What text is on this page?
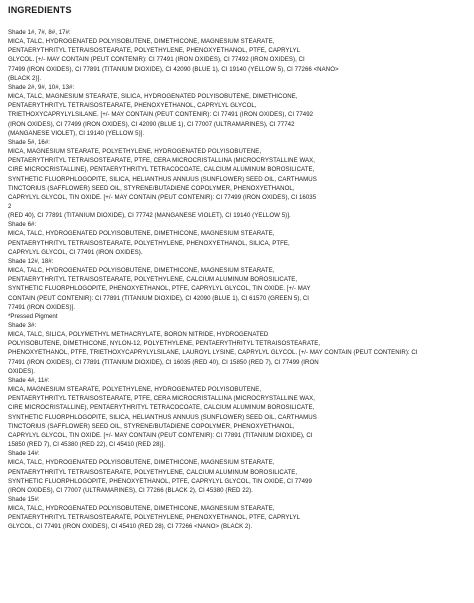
INGREDIENTS
Shade 1#, 7#, 8#, 17#:
MICA, TALC, HYDROGENATED POLYISOBUTENE, DIMETHICONE, MAGNESIUM STEARATE,
PENTAERYTHRITYL TETRAISOSTEARATE, POLYETHYLENE, PHENOXYETHANOL, PTFE, CAPRYLYL
GLYCOL. [+/- MAY CONTAIN (PEUT CONTENIR): CI 77491 (IRON OXIDES), CI 77492 (IRON OXIDES), CI
77499 (IRON OXIDES), CI 77891 (TITANIUM DIOXIDE), CI 42090 (BLUE 1), CI 19140 (YELLOW 5), CI 77266 <NANO>
(BLACK 2)].
Shade 2#, 9#, 10#, 13#:
MICA, TALC, MAGNESIUM STEARATE, SILICA, HYDROGENATED POLYISOBUTENE, DIMETHICONE,
PENTAERYTHRITYL TETRAISOSTEARATE, PHENOXYETHANOL, CAPRYLYL GLYCOL,
TRIETHOXYCAPRYLYLSILANE. [+/- MAY CONTAIN (PEUT CONTENIR): CI 77491 (IRON OXIDES), CI 77492
(IRON OXIDES), CI 77499 (IRON OXIDES), CI 42090 (BLUE 1), CI 77007 (ULTRAMARINES), CI 77742
(MANGANESE VIOLET), CI 19140 (YELLOW 5)].
Shade 5#, 16#:
MICA, MAGNESIUM STEARATE, POLYETHYLENE, HYDROGENATED POLYISOBUTENE,
PENTAERYTHRITYL TETRAISOSTEARATE, PTFE, CERA MICROCRISTALLINA (MICROCRYSTALLINE WAX,
CIRE MICROCRISTALLINE), PENTAERYTHRITYL TETRACOCOATE, CALCIUM ALUMINUM BOROSILICATE,
SYNTHETIC FLUORPHLOGOPITE, SILICA, HELIANTHUS ANNUUS (SUNFLOWER) SEED OIL, CARTHAMUS
TINCTORIUS (SAFFLOWER) SEED OIL, STYRENE/BUTADIENE COPOLYMER, PHENOXYETHANOL,
CAPRYLYL GLYCOL, TIN OXIDE. [+/- MAY CONTAIN (PEUT CONTENIR): CI 77499 (IRON OXIDES), CI 16035
2
(RED 40), CI 77891 (TITANIUM DIOXIDE), CI 77742 (MANGANESE VIOLET), CI 19140 (YELLOW 5)].
Shade 6#:
MICA, TALC, HYDROGENATED POLYISOBUTENE, DIMETHICONE, MAGNESIUM STEARATE,
PENTAERYTHRITYL TETRAISOSTEARATE, POLYETHYLENE, PHENOXYETHANOL, SILICA, PTFE,
CAPRYLYL GLYCOL, CI 77491 (IRON OXIDES).
Shade 12#, 18#:
MICA, TALC, HYDROGENATED POLYISOBUTENE, DIMETHICONE, MAGNESIUM STEARATE,
PENTAERYTHRITYL TETRAISOSTEARATE, POLYETHYLENE, CALCIUM ALUMINUM BOROSILICATE,
SYNTHETIC FLUORPHLOGOPITE, PHENOXYETHANOL, PTFE, CAPRYLYL GLYCOL, TIN OXIDE. [+/- MAY
CONTAIN (PEUT CONTENIR): CI 77891 (TITANIUM DIOXIDE), CI 42090 (BLUE 1), CI 61570 (GREEN 5), CI
77491 (IRON OXIDES)].
*Pressed Pigment
Shade 3#:
MICA, TALC, SILICA, POLYMETHYL METHACRYLATE, BORON NITRIDE, HYDROGENATED
POLYISOBUTENE, DIMETHICONE, NYLON-12, POLYETHYLENE, PENTAERYTHRITYL TETRAISOSTEARATE,
PHENOXYETHANOL, PTFE, TRIETHOXYCAPRYLYLSILANE, LAUROYL LYSINE, CAPRYLYL GLYCOL. [+/- MAY CONTAIN (PEUT CONTENIR): CI
77491 (IRON OXIDES), CI 77891 (TITANIUM DIOXIDE), CI 16035 (RED 40), CI 15850 (RED 7), CI 77499 (IRON
OXIDES).
Shade 4#, 11#:
MICA, MAGNESIUM STEARATE, POLYETHYLENE, HYDROGENATED POLYISOBUTENE,
PENTAERYTHRITYL TETRAISOSTEARATE, PTFE, CERA MICROCRISTALLINA (MICROCRYSTALLINE WAX,
CIRE MICROCRISTALLINE), PENTAERYTHRITYL TETRACOCOATE, CALCIUM ALUMINUM BOROSILICATE,
SYNTHETIC FLUORPHLOGOPITE, SILICA, HELIANTHUS ANNUUS (SUNFLOWER) SEED OIL, CARTHAMUS
TINCTORIUS (SAFFLOWER) SEED OIL, STYRENE/BUTADIENE COPOLYMER, PHENOXYETHANOL,
CAPRYLYL GLYCOL, TIN OXIDE. [+/- MAY CONTAIN (PEUT CONTENIR): CI 77891 (TITANIUM DIOXIDE), CI
15850 (RED 7), CI 45380 (RED 22), CI 45410 (RED 28)].
Shade 14#:
MICA, TALC, HYDROGENATED POLYISOBUTENE, DIMETHICONE, MAGNESIUM STEARATE,
PENTAERYTHRITYL TETRAISOSTEARATE, POLYETHYLENE, CALCIUM ALUMINUM BOROSILICATE,
SYNTHETIC FLUORPHLOGOPITE, PHENOXYETHANOL, PTFE, CAPRYLYL GLYCOL, TIN OXIDE, CI 77499
(IRON OXIDES), CI 77007 (ULTRAMARINES), CI 77266 (BLACK 2), CI 45380 (RED 22).
Shade 15#:
MICA, TALC, HYDROGENATED POLYISOBUTENE, DIMETHICONE, MAGNESIUM STEARATE,
PENTAERYTHRITYL TETRAISOSTEARATE, POLYETHYLENE, PHENOXYETHANOL, PTFE, CAPRYLYL
GLYCOL, CI 77491 (IRON OXIDES), CI 45410 (RED 28), CI 77266 <NANO> (BLACK 2).
